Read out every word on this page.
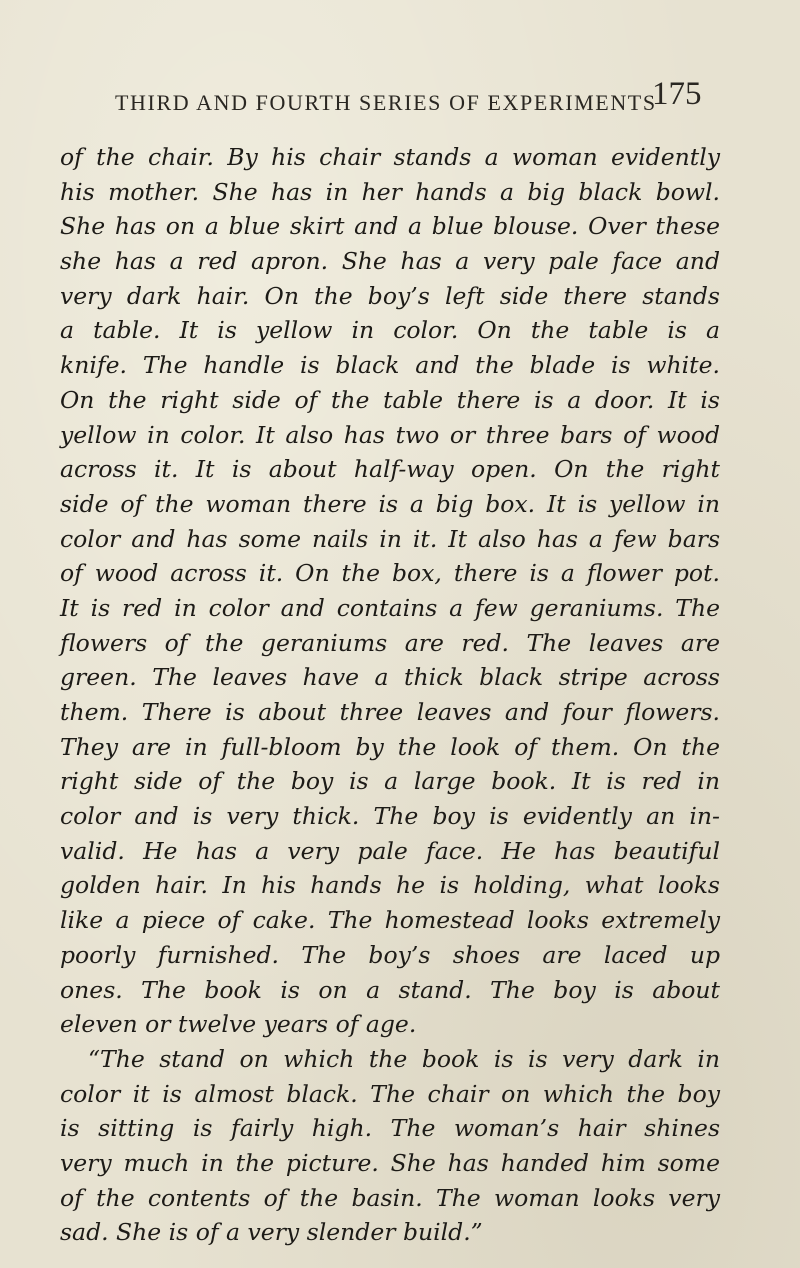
THIRD AND FOURTH SERIES OF EXPERIMENTS
175
of the chair. By his chair stands a woman evidently
his mother. She has in her hands a big black bowl.
She has on a blue skirt and a blue blouse. Over these
she has a red apron. She has a very pale face and
very dark hair. On the boy’s left side there stands
a table. It is yellow in color. On the table is a
knife. The handle is black and the blade is white.
On the right side of the table there is a door. It is
yellow in color. It also has two or three bars of wood
across it. It is about half-way open. On the right
side of the woman there is a big box. It is yellow in
color and has some nails in it. It also has a few bars
of wood across it. On the box, there is a flower pot.
It is red in color and contains a few geraniums. The
flowers of the geraniums are red. The leaves are
green. The leaves have a thick black stripe across
them. There is about three leaves and four flowers.
They are in full-bloom by the look of them. On the
right side of the boy is a large book. It is red in
color and is very thick. The boy is evidently an in-
valid. He has a very pale face. He has beautiful
golden hair. In his hands he is holding, what looks
like a piece of cake. The homestead looks extremely
poorly furnished. The boy’s shoes are laced up
ones. The book is on a stand. The boy is about
eleven or twelve years of age.
“The stand on which the book is is very dark in
color it is almost black. The chair on which the boy
is sitting is fairly high. The woman’s hair shines
very much in the picture. She has handed him some
of the contents of the basin. The woman looks very
sad. She is of a very slender build.”
